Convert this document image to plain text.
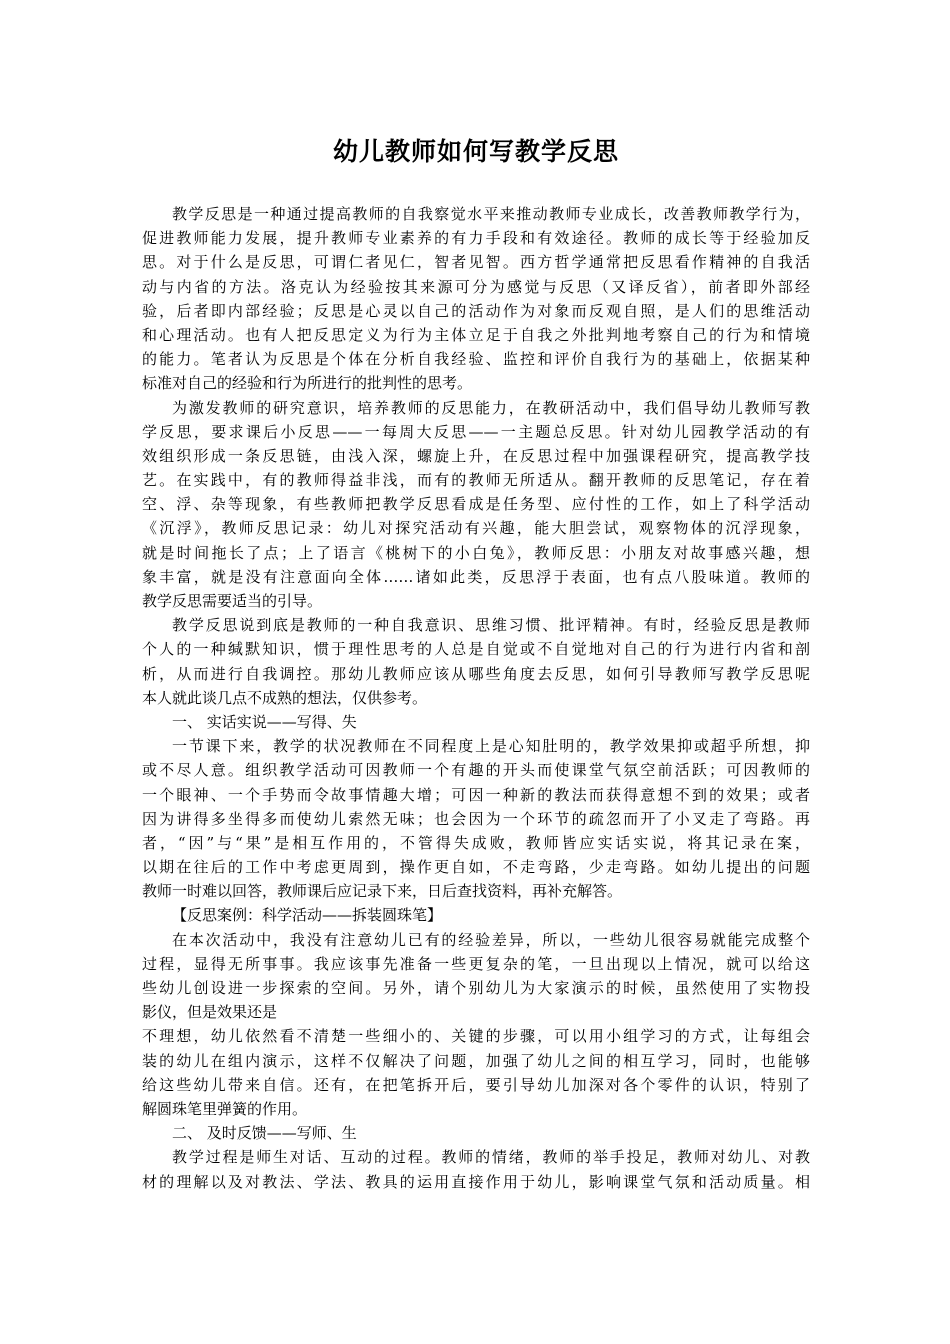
幼儿教师如何写教学反思
教学反思是一种通过提高教师的自我察觉水平来推动教师专业成长，改善教师教学行为，
促进教师能力发展，提升教师专业素养的有力手段和有效途径。教师的成长等于经验加反
思。对于什么是反思，可谓仁者见仁，智者见智。西方哲学通常把反思看作精神的自我活
动与内省的方法。洛克认为经验按其来源可分为感觉与反思（又译反省），前者即外部经
验，后者即内部经验；反思是心灵以自己的活动作为对象而反观自照，是人们的思维活动
和心理活动。也有人把反思定义为行为主体立足于自我之外批判地考察自己的行为和情境
的能力。笔者认为反思是个体在分析自我经验、监控和评价自我行为的基础上，依据某种
标准对自己的经验和行为所进行的批判性的思考。
为激发教师的研究意识，培养教师的反思能力，在教研活动中，我们倡导幼儿教师写教
学反思，要求课后小反思——一每周大反思——一主题总反思。针对幼儿园教学活动的有
效组织形成一条反思链，由浅入深，螺旋上升，在反思过程中加强课程研究，提高教学技
艺。在实践中，有的教师得益非浅，而有的教师无所适从。翻开教师的反思笔记，存在着
空、浮、杂等现象，有些教师把教学反思看成是任务型、应付性的工作，如上了科学活动
《沉浮》，教师反思记录：幼儿对探究活动有兴趣，能大胆尝试，观察物体的沉浮现象，
就是时间拖长了点；上了语言《桃树下的小白兔》，教师反思：小朋友对故事感兴趣，想
象丰富，就是没有注意面向全体……诸如此类，反思浮于表面，也有点八股味道。教师的
教学反思需要适当的引导。
教学反思说到底是教师的一种自我意识、思维习惯、批评精神。有时，经验反思是教师
个人的一种缄默知识，惯于理性思考的人总是自觉或不自觉地对自己的行为进行内省和剖
析，从而进行自我调控。那幼儿教师应该从哪些角度去反思，如何引导教师写教学反思呢
本人就此谈几点不成熟的想法，仅供参考。
一、 实话实说——写得、失
一节课下来，教学的状况教师在不同程度上是心知肚明的，教学效果抑或超乎所想，抑
或不尽人意。组织教学活动可因教师一个有趣的开头而使课堂气氛空前活跃；可因教师的
一个眼神、一个手势而令故事情趣大增；可因一种新的教法而获得意想不到的效果；或者
因为讲得多坐得多而使幼儿索然无味；也会因为一个环节的疏忽而开了小叉走了弯路。再
者，“因”与“果”是相互作用的，不管得失成败，教师皆应实话实说，将其记录在案，
以期在往后的工作中考虑更周到，操作更自如，不走弯路，少走弯路。如幼儿提出的问题
教师一时难以回答，教师课后应记录下来，日后查找资料，再补充解答。
【反思案例：科学活动——拆装圆珠笔】
在本次活动中，我没有注意幼儿已有的经验差异，所以，一些幼儿很容易就能完成整个
过程，显得无所事事。我应该事先准备一些更复杂的笔，一旦出现以上情况，就可以给这
些幼儿创设进一步探索的空间。另外，请个别幼儿为大家演示的时候，虽然使用了实物投
影仪，但是效果还是
不理想，幼儿依然看不清楚一些细小的、关键的步骤，可以用小组学习的方式，让每组会
装的幼儿在组内演示，这样不仅解决了问题，加强了幼儿之间的相互学习，同时，也能够
给这些幼儿带来自信。还有，在把笔拆开后，要引导幼儿加深对各个零件的认识，特别了
解圆珠笔里弹簧的作用。
二、 及时反馈——写师、生
教学过程是师生对话、互动的过程。教师的情绪，教师的举手投足，教师对幼儿、对教
材的理解以及对教法、学法、教具的运用直接作用于幼儿，影响课堂气氛和活动质量。相
